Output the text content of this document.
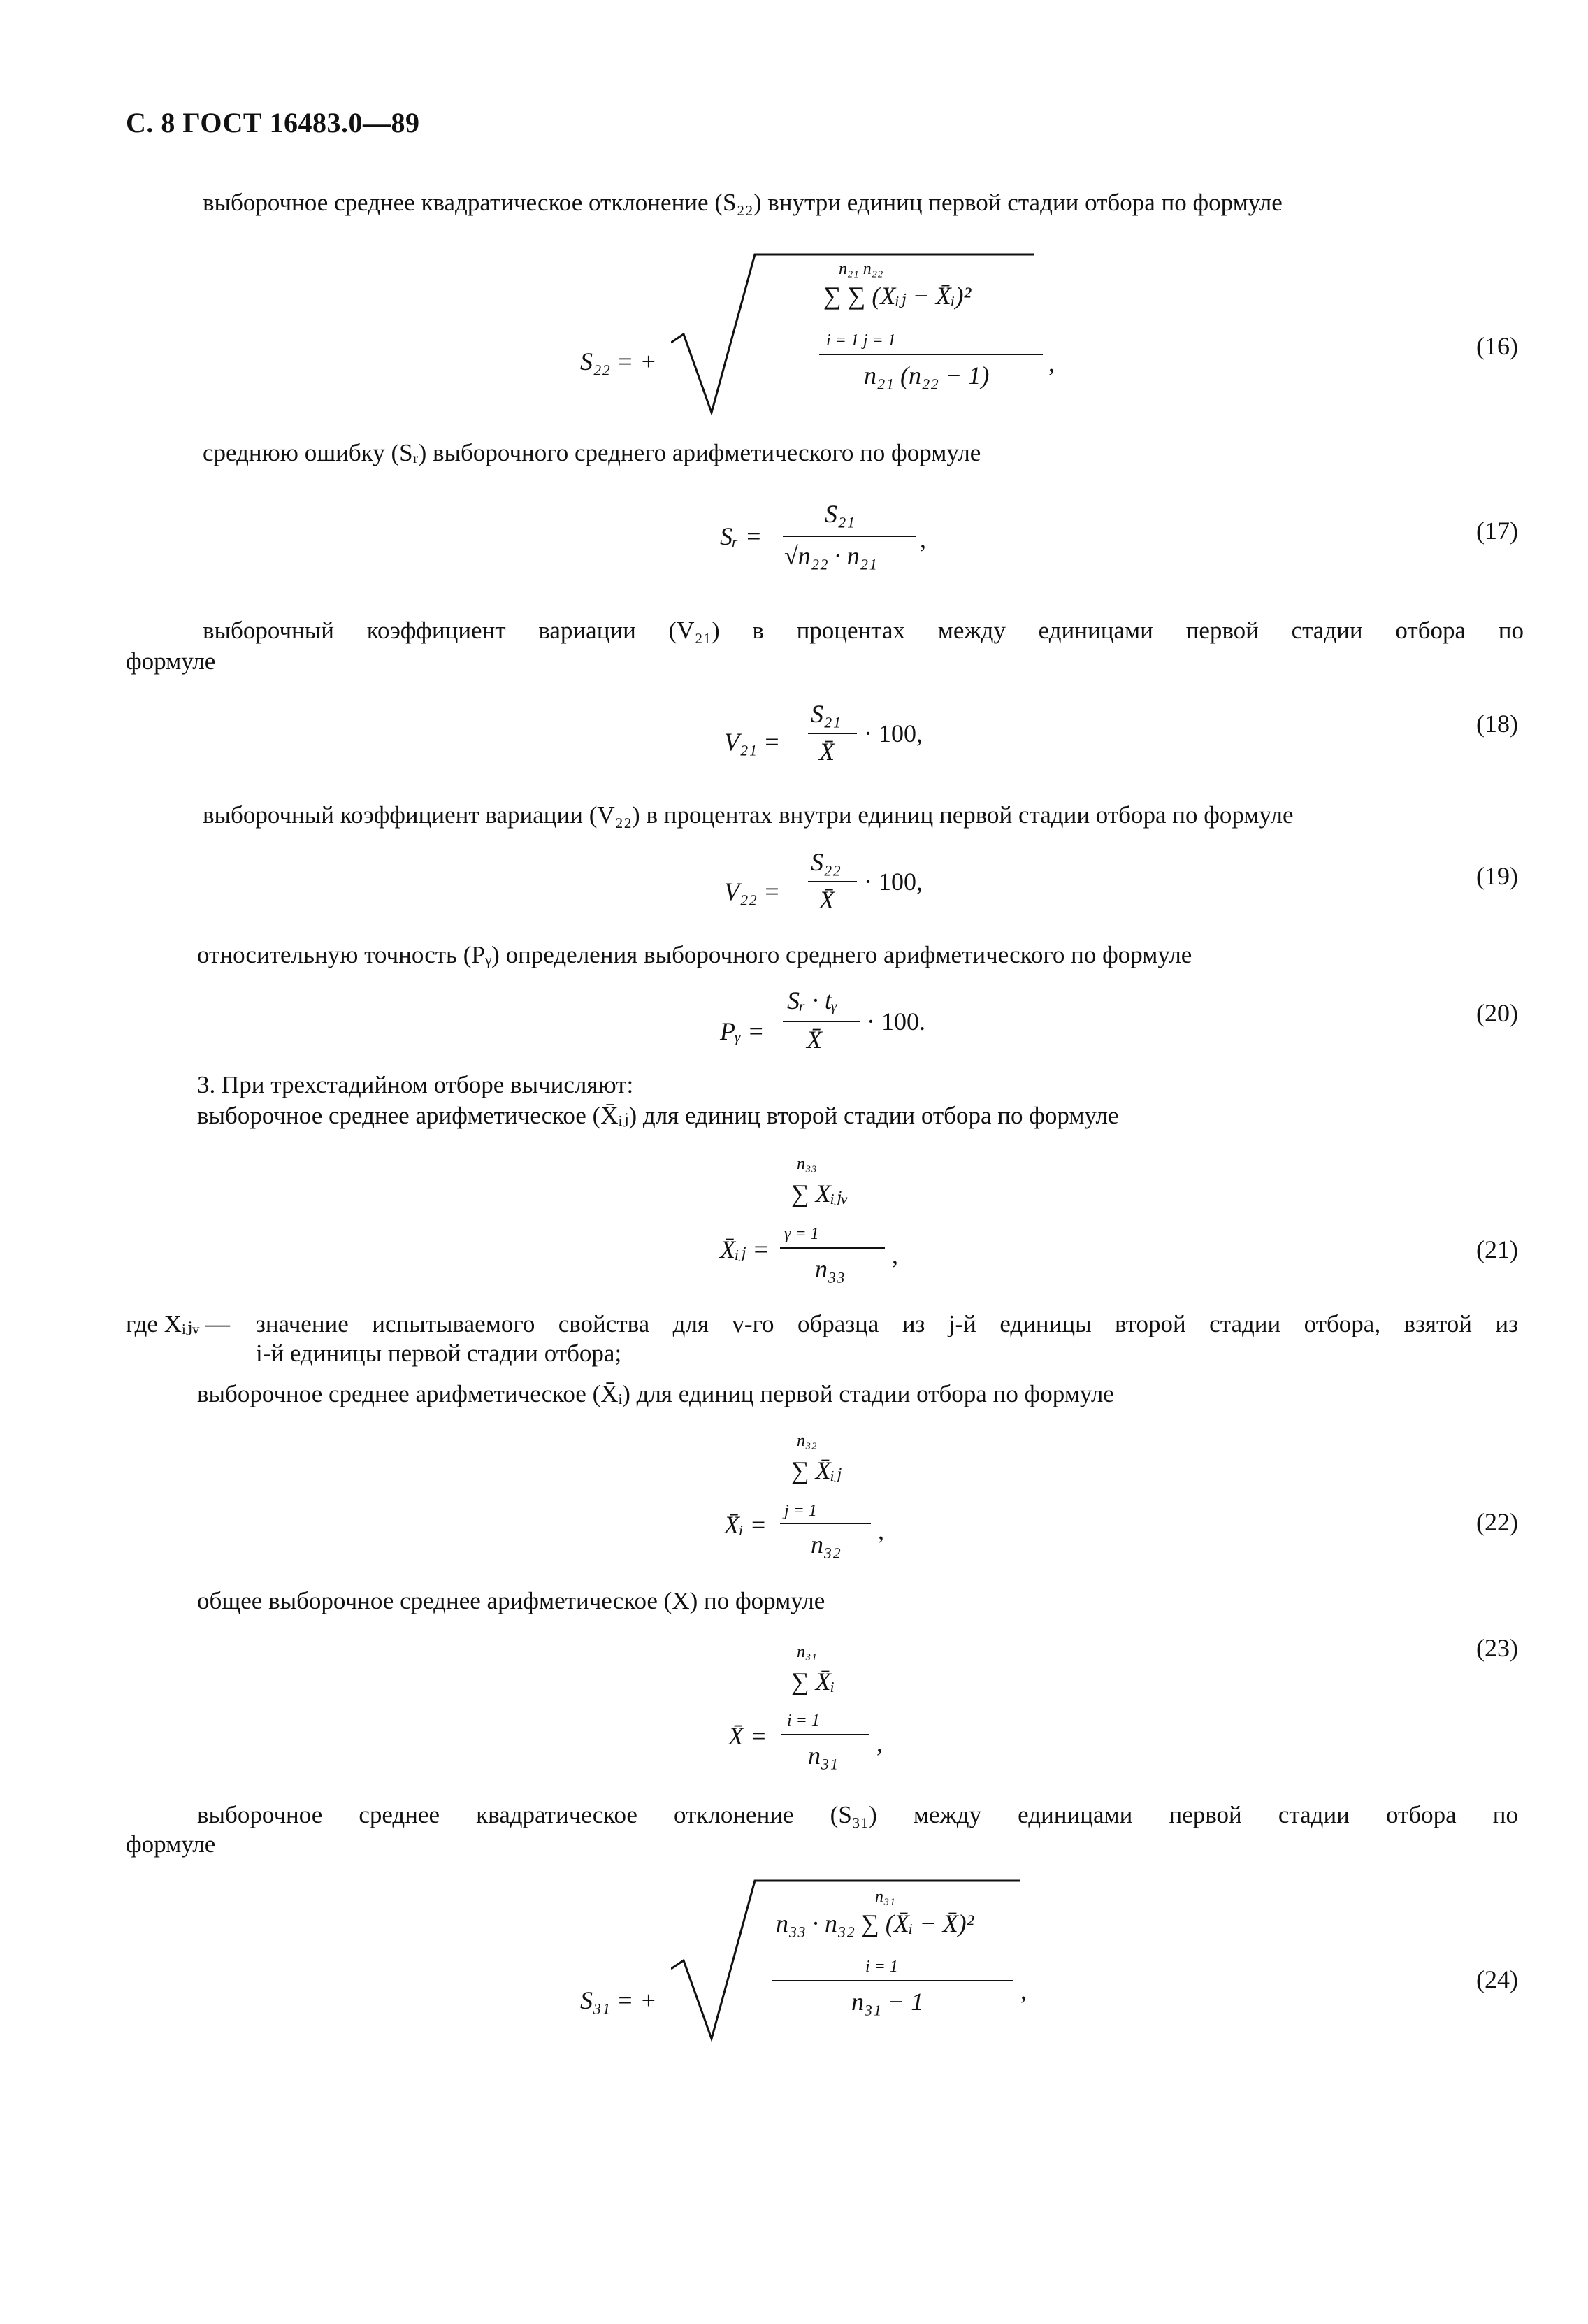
С. 8 ГОСТ 16483.0—89
выборочное среднее квадратическое отклонение (S₂₂) внутри единиц первой стадии отбора по формуле
S₂₂ = +
n₂₁ n₂₂
∑ ∑ (Xᵢⱼ − X̄ᵢ)²
i = 1 j = 1
n₂₁ (n₂₂ − 1) ,
(16)
среднюю ошибку (Sᵣ) выборочного среднего арифметического по формуле
Sᵣ =
S₂₁
√n₂₂ · n₂₁
,	(17)
выборочный коэффициент вариации (V₂₁) в процентах между единицами первой стадии отбора по
формуле
V₂₁ =
S₂₁
X̄
· 100,	(18)
выборочный коэффициент вариации (V₂₂) в процентах внутри единиц первой стадии отбора по формуле
V₂₂ =
S₂₂
X̄
· 100,	(19)
относительную точность (Pᵧ) определения выборочного среднего арифметического по формуле
Pᵧ =
Sᵣ · tᵧ
X̄
· 100.	(20)
3. При трехстадийном отборе вычисляют:
выборочное среднее арифметическое (X̄ᵢⱼ) для единиц второй стадии отбора по формуле
n₃₃
∑ Xᵢⱼᵥ
γ = 1
X̄ᵢⱼ =
n₃₃ ,	(21)
где Xᵢⱼᵥ —	значение испытываемого свойства для v-го образца из j-й единицы второй стадии отбора, взятой из
i-й единицы первой стадии отбора;
выборочное среднее арифметическое (X̄ᵢ) для единиц первой стадии отбора по формуле
n₃₂
∑ X̄ᵢⱼ
j = 1
X̄ᵢ =
n₃₂ ,	(22)
общее выборочное среднее арифметическое (X) по формуле
n₃₁
∑ X̄ᵢ
i = 1
X̄ =
n₃₁ ,
(23)
выборочное среднее квадратическое отклонение (S₃₁) между единицами первой стадии отбора по
формуле
S₃₁ = +
n₃₁
n₃₃ · n₃₂ ∑ (X̄ᵢ − X̄)²
i = 1
n₃₁ − 1	,	(24)
